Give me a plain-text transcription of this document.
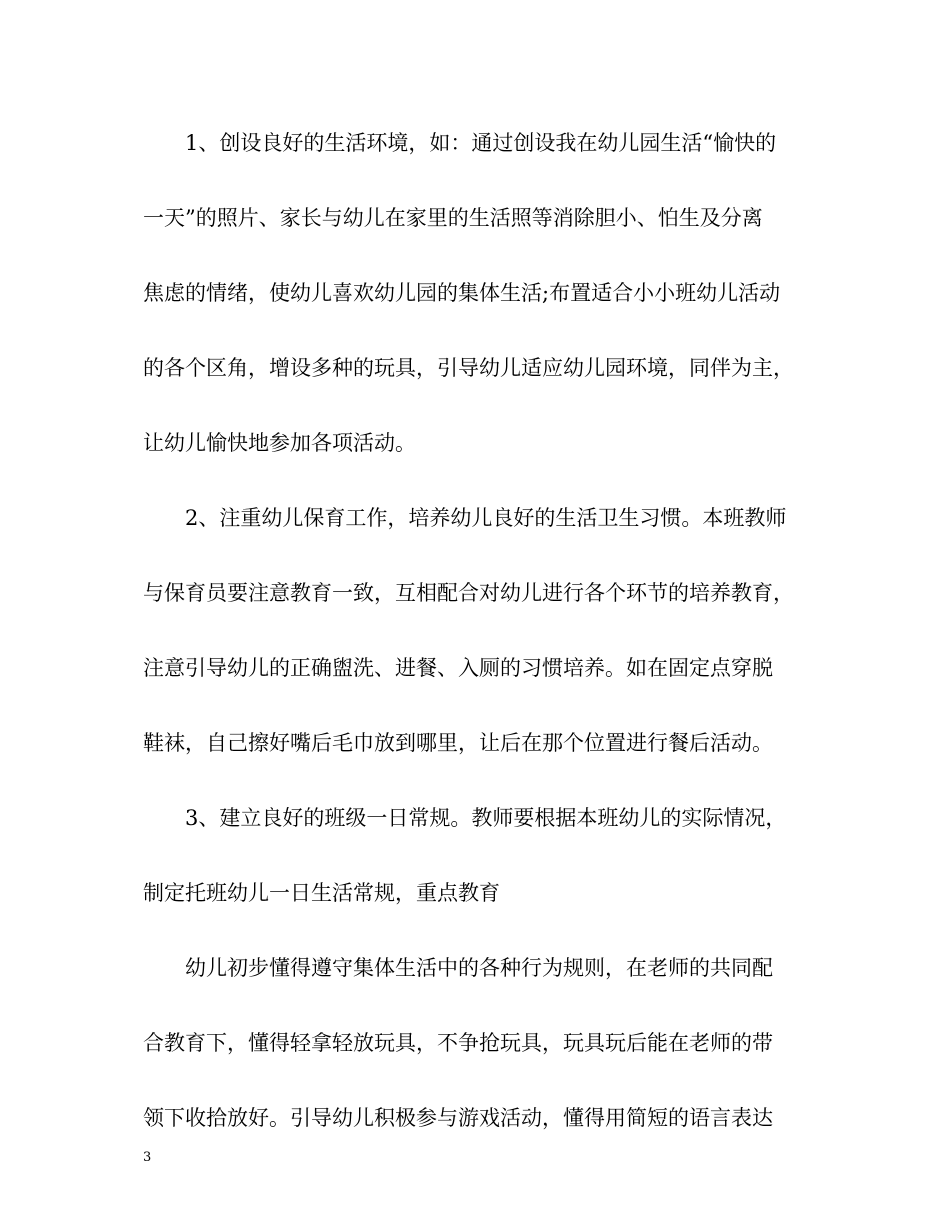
1、创设良好的生活环境，如：通过创设我在幼儿园生活“愉快的
一天”的照片、家长与幼儿在家里的生活照等消除胆小、怕生及分离
焦虑的情绪，使幼儿喜欢幼儿园的集体生活;布置适合小小班幼儿活动
的各个区角，增设多种的玩具，引导幼儿适应幼儿园环境，同伴为主，
让幼儿愉快地参加各项活动。
2、注重幼儿保育工作，培养幼儿良好的生活卫生习惯。本班教师
与保育员要注意教育一致，互相配合对幼儿进行各个环节的培养教育，
注意引导幼儿的正确盥洗、进餐、入厕的习惯培养。如在固定点穿脱
鞋袜，自己擦好嘴后毛巾放到哪里，让后在那个位置进行餐后活动。
3、建立良好的班级一日常规。教师要根据本班幼儿的实际情况，
制定托班幼儿一日生活常规，重点教育
幼儿初步懂得遵守集体生活中的各种行为规则，在老师的共同配
合教育下，懂得轻拿轻放玩具，不争抢玩具，玩具玩后能在老师的带
领下收拾放好。引导幼儿积极参与游戏活动，懂得用简短的语言表达
3
